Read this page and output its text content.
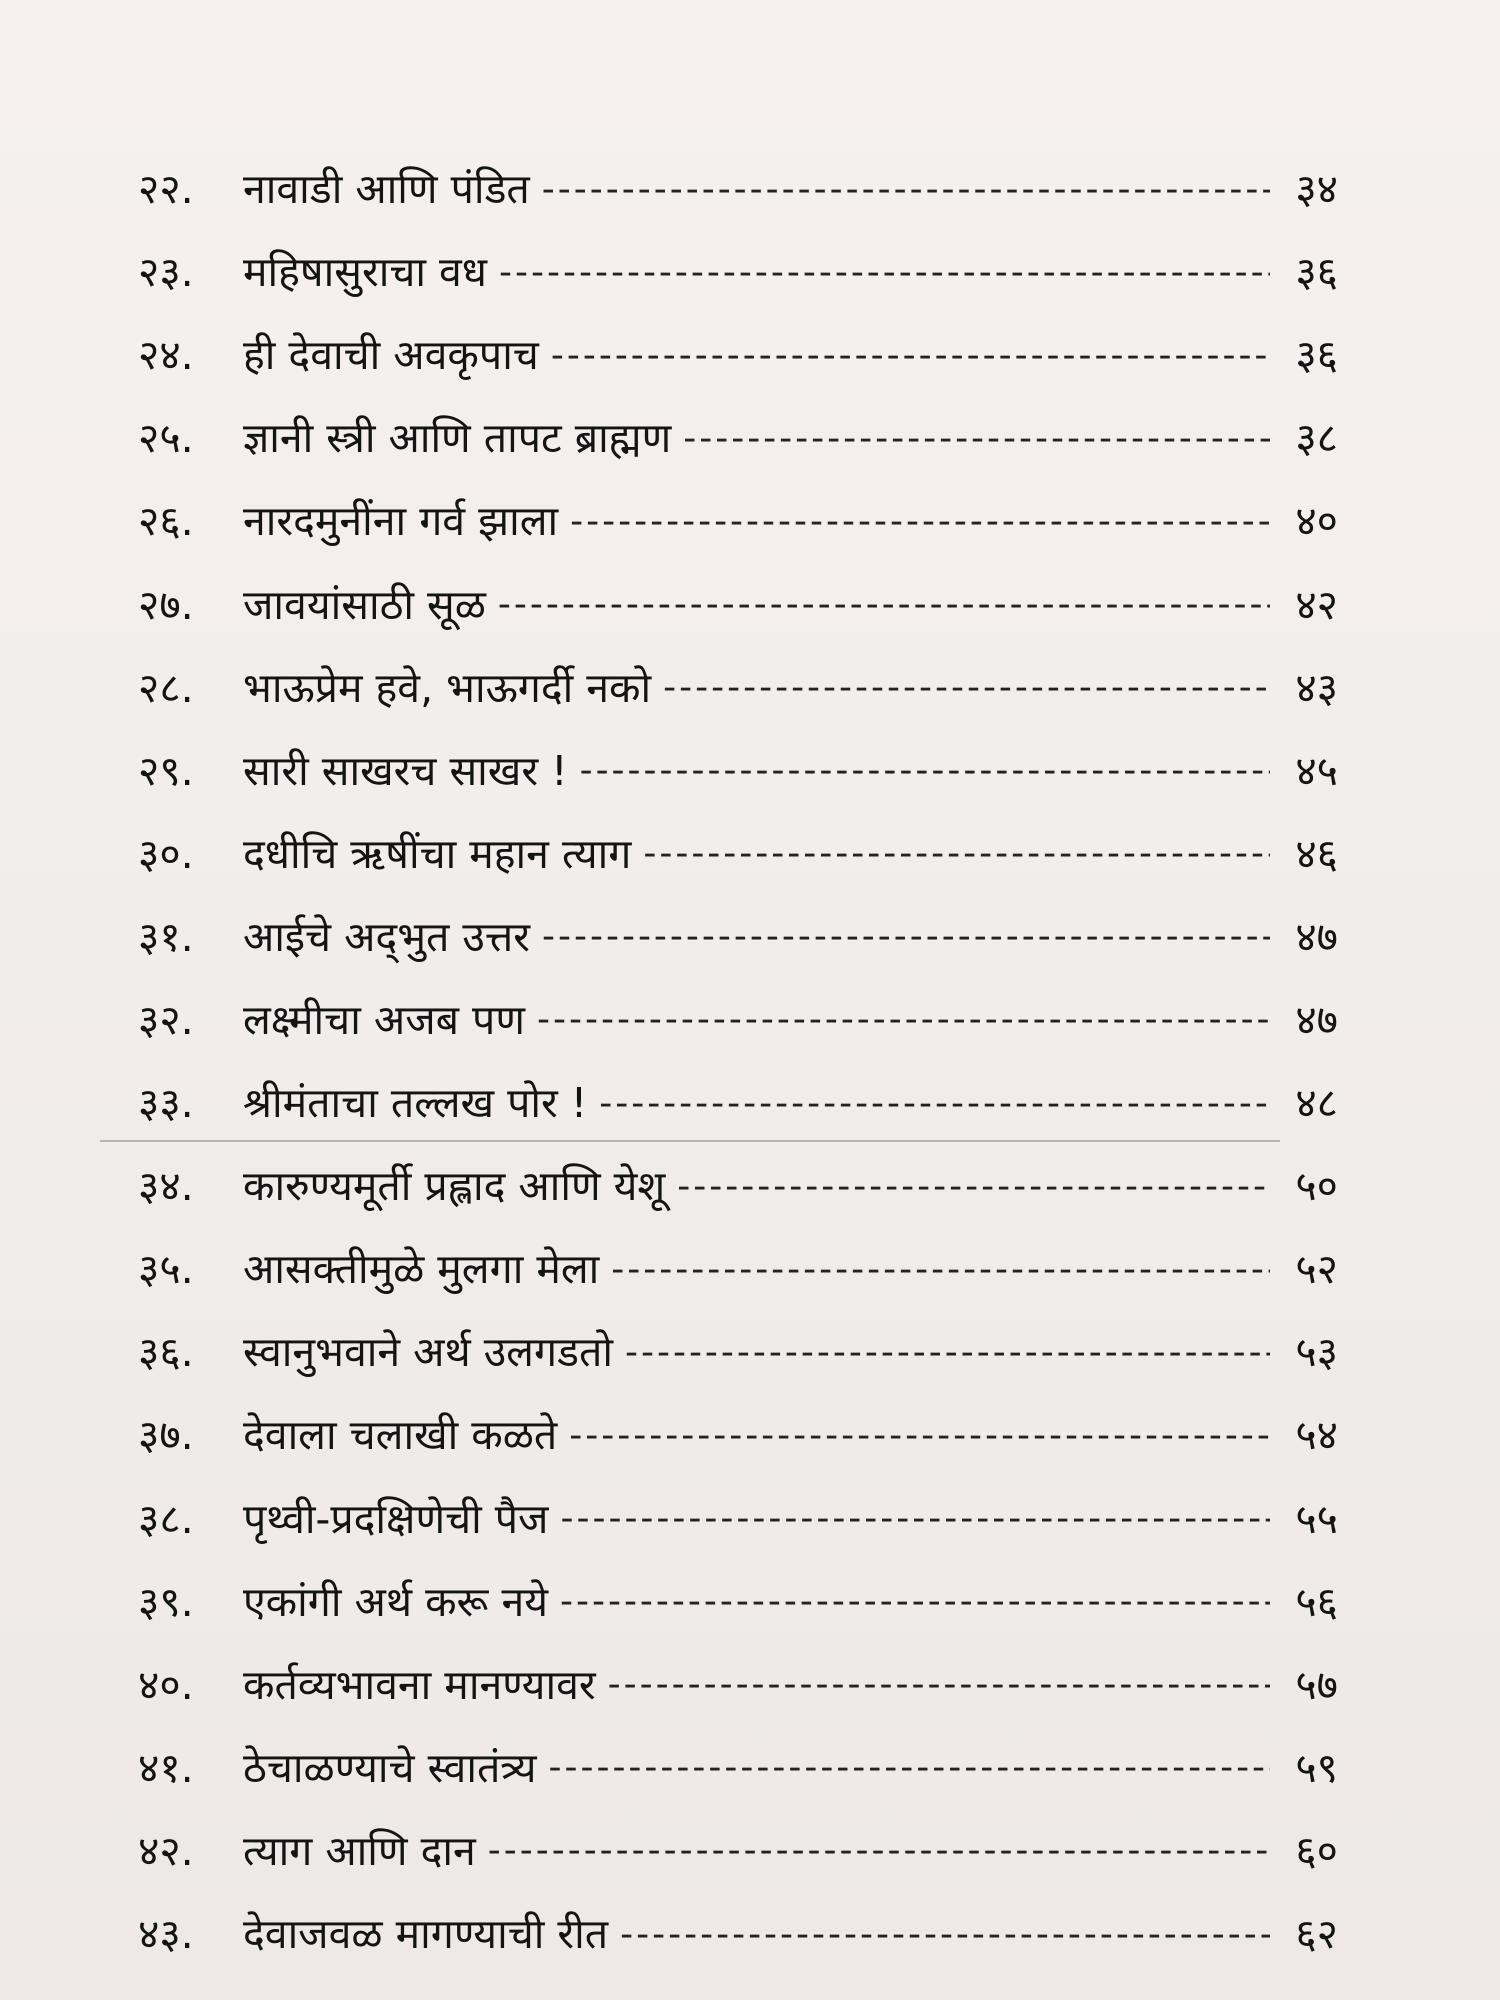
२२.	नावाडी आणि पंडित -----	३४
२३.	महिषासुराचा वध -----	३६
२४.	ही देवाची अवकृपाच -----	३६
२५.	ज्ञानी स्त्री आणि तापट ब्राह्मण -----	३८
२६.	नारदमुनींना गर्व झाला -----	४०
२७.	जावयांसाठी सूळ -----	४२
२८.	भाऊप्रेम हवे, भाऊगर्दी नको -----	४३
२९.	सारी साखरच साखर ! -----	४५
३०.	दधीचि ऋषींचा महान त्याग -----	४६
३१.	आईचे अद्‌भुत उत्तर -----	४७
३२.	लक्ष्मीचा अजब पण -----	४७
३३.	श्रीमंताचा तल्लख पोर ! -----	४८
३४.	कारुण्यमूर्ती प्रह्लाद आणि येशू -----	५०
३५.	आसक्तीमुळे मुलगा मेला -----	५२
३६.	स्वानुभवाने अर्थ उलगडतो -----	५३
३७.	देवाला चलाखी कळते -----	५४
३८.	पृथ्वी-प्रदक्षिणेची पैज -----	५५
३९.	एकांगी अर्थ करू नये -----	५६
४०.	कर्तव्यभावना मानण्यावर -----	५७
४१.	ठेचाळण्याचे स्वातंत्र्य -----	५९
४२.	त्याग आणि दान -----	६०
४३.	देवाजवळ मागण्याची रीत -----	६२
